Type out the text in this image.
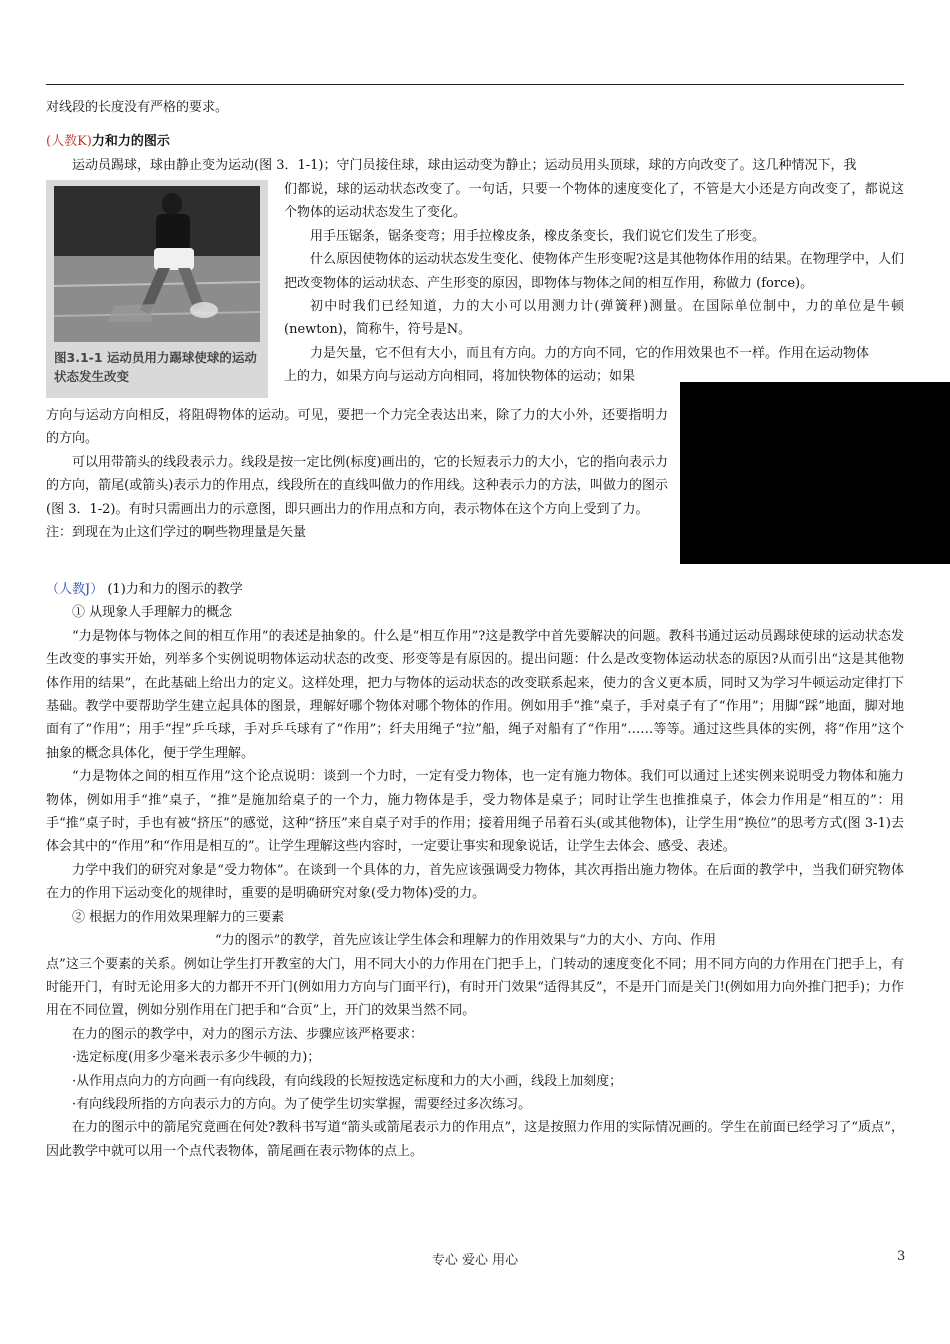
对线段的长度没有严格的要求。

(人教K)力和力的图示

图3.1-1 运动员用力踢球使球的运动状态发生改变

运动员踢球，球由静止变为运动(图 3．1-1)；守门员接住球，球由运动变为静止；运动员用头顶球，球的方向改变了。这几种情况下，我

们都说，球的运动状态改变了。一句话，只要一个物体的速度变化了，不管是大小还是方向改变了，都说这个物体的运动状态发生了变化。

用手压锯条，锯条变弯；用手拉橡皮条，橡皮条变长，我们说它们发生了形变。

什么原因使物体的运动状态发生变化、使物体产生形变呢?这是其他物体作用的结果。在物理学中，人们把改变物体的运动状态、产生形变的原因，即物体与物体之间的相互作用，称做力 (force)。

初中时我们已经知道，力的大小可以用测力计(弹簧秤)测量。在国际单位制中，力的单位是牛顿(newton)，简称牛，符号是N。

力是矢量，它不但有大小，而且有方向。力的方向不同，它的作用效果也不一样。作用在运动物体

上的力，如果方向与运动方向相同，将加快物体的运动；如果

方向与运动方向相反，将阻碍物体的运动。可见，要把一个力完全表达出来，除了力的大小外，还要指明力的方向。

可以用带箭头的线段表示力。线段是按一定比例(标度)画出的，它的长短表示力的大小，它的指向表示力的方向，箭尾(或箭头)表示力的作用点，线段所在的直线叫做力的作用线。这种表示力的方法，叫做力的图示 (图 3．1-2)。有时只需画出力的示意图，即只画出力的作用点和方向，表示物体在这个方向上受到了力。

注：到现在为止这们学过的啊些物理量是矢量

（人教J） (1)力和力的图示的教学

① 从现象人手理解力的概念

“力是物体与物体之间的相互作用”的表述是抽象的。什么是“相互作用”?这是教学中首先要解决的问题。教科书通过运动员踢球使球的运动状态发生改变的事实开始，列举多个实例说明物体运动状态的改变、形变等是有原因的。提出问题：什么是改变物体运动状态的原因?从而引出“这是其他物体作用的结果”，在此基础上给出力的定义。这样处理，把力与物体的运动状态的改变联系起来，使力的含义更本质，同时又为学习牛顿运动定律打下基础。教学中要帮助学生建立起具体的图景，理解好哪个物体对哪个物体的作用。例如用手“推”桌子，手对桌子有了“作用”；用脚“踩”地面，脚对地面有了“作用”；用手“捏”乒乓球，手对乒乓球有了“作用”；纤夫用绳子“拉”船，绳子对船有了“作用”……等等。通过这些具体的实例，将“作用”这个抽象的概念具体化，便于学生理解。

“力是物体之间的相互作用”这个论点说明：谈到一个力时，一定有受力物体，也一定有施力物体。我们可以通过上述实例来说明受力物体和施力物体，例如用手“推”桌子，“推”是施加给桌子的一个力，施力物体是手，受力物体是桌子；同时让学生也推推桌子，体会力作用是“相互的”：用手“推”桌子时，手也有被“挤压”的感觉，这种“挤压”来自桌子对手的作用；接着用绳子吊着石头(或其他物体)，让学生用“换位”的思考方式(图 3-1)去体会其中的“作用”和“作用是相互的”。让学生理解这些内容时，一定要让事实和现象说话，让学生去体会、感受、表述。

力学中我们的研究对象是“受力物体”。在谈到一个具体的力，首先应该强调受力物体，其次再指出施力物体。在后面的教学中，当我们研究物体在力的作用下运动变化的规律时，重要的是明确研究对象(受力物体)受的力。

② 根据力的作用效果理解力的三要素

“力的图示”的教学，首先应该让学生体会和理解力的作用效果与“力的大小、方向、作用

点”这三个要素的关系。例如让学生打开教室的大门，用不同大小的力作用在门把手上，门转动的速度变化不同；用不同方向的力作用在门把手上，有时能开门，有时无论用多大的力都开不开门(例如用力方向与门面平行)，有时开门效果“适得其反”，不是开门而是关门!(例如用力向外推门把手)；力作用在不同位置，例如分别作用在门把手和“合页”上，开门的效果当然不同。

在力的图示的教学中，对力的图示方法、步骤应该严格要求：

·选定标度(用多少毫米表示多少牛顿的力)；

·从作用点向力的方向画一有向线段，有向线段的长短按选定标度和力的大小画，线段上加刻度；

·有向线段所指的方向表示力的方向。为了使学生切实掌握，需要经过多次练习。

在力的图示中的箭尾究竟画在何处?教科书写道“箭头或箭尾表示力的作用点”，这是按照力作用的实际情况画的。学生在前面已经学习了“质点”，因此教学中就可以用一个点代表物体，箭尾画在表示物体的点上。

专心 爱心 用心	3
